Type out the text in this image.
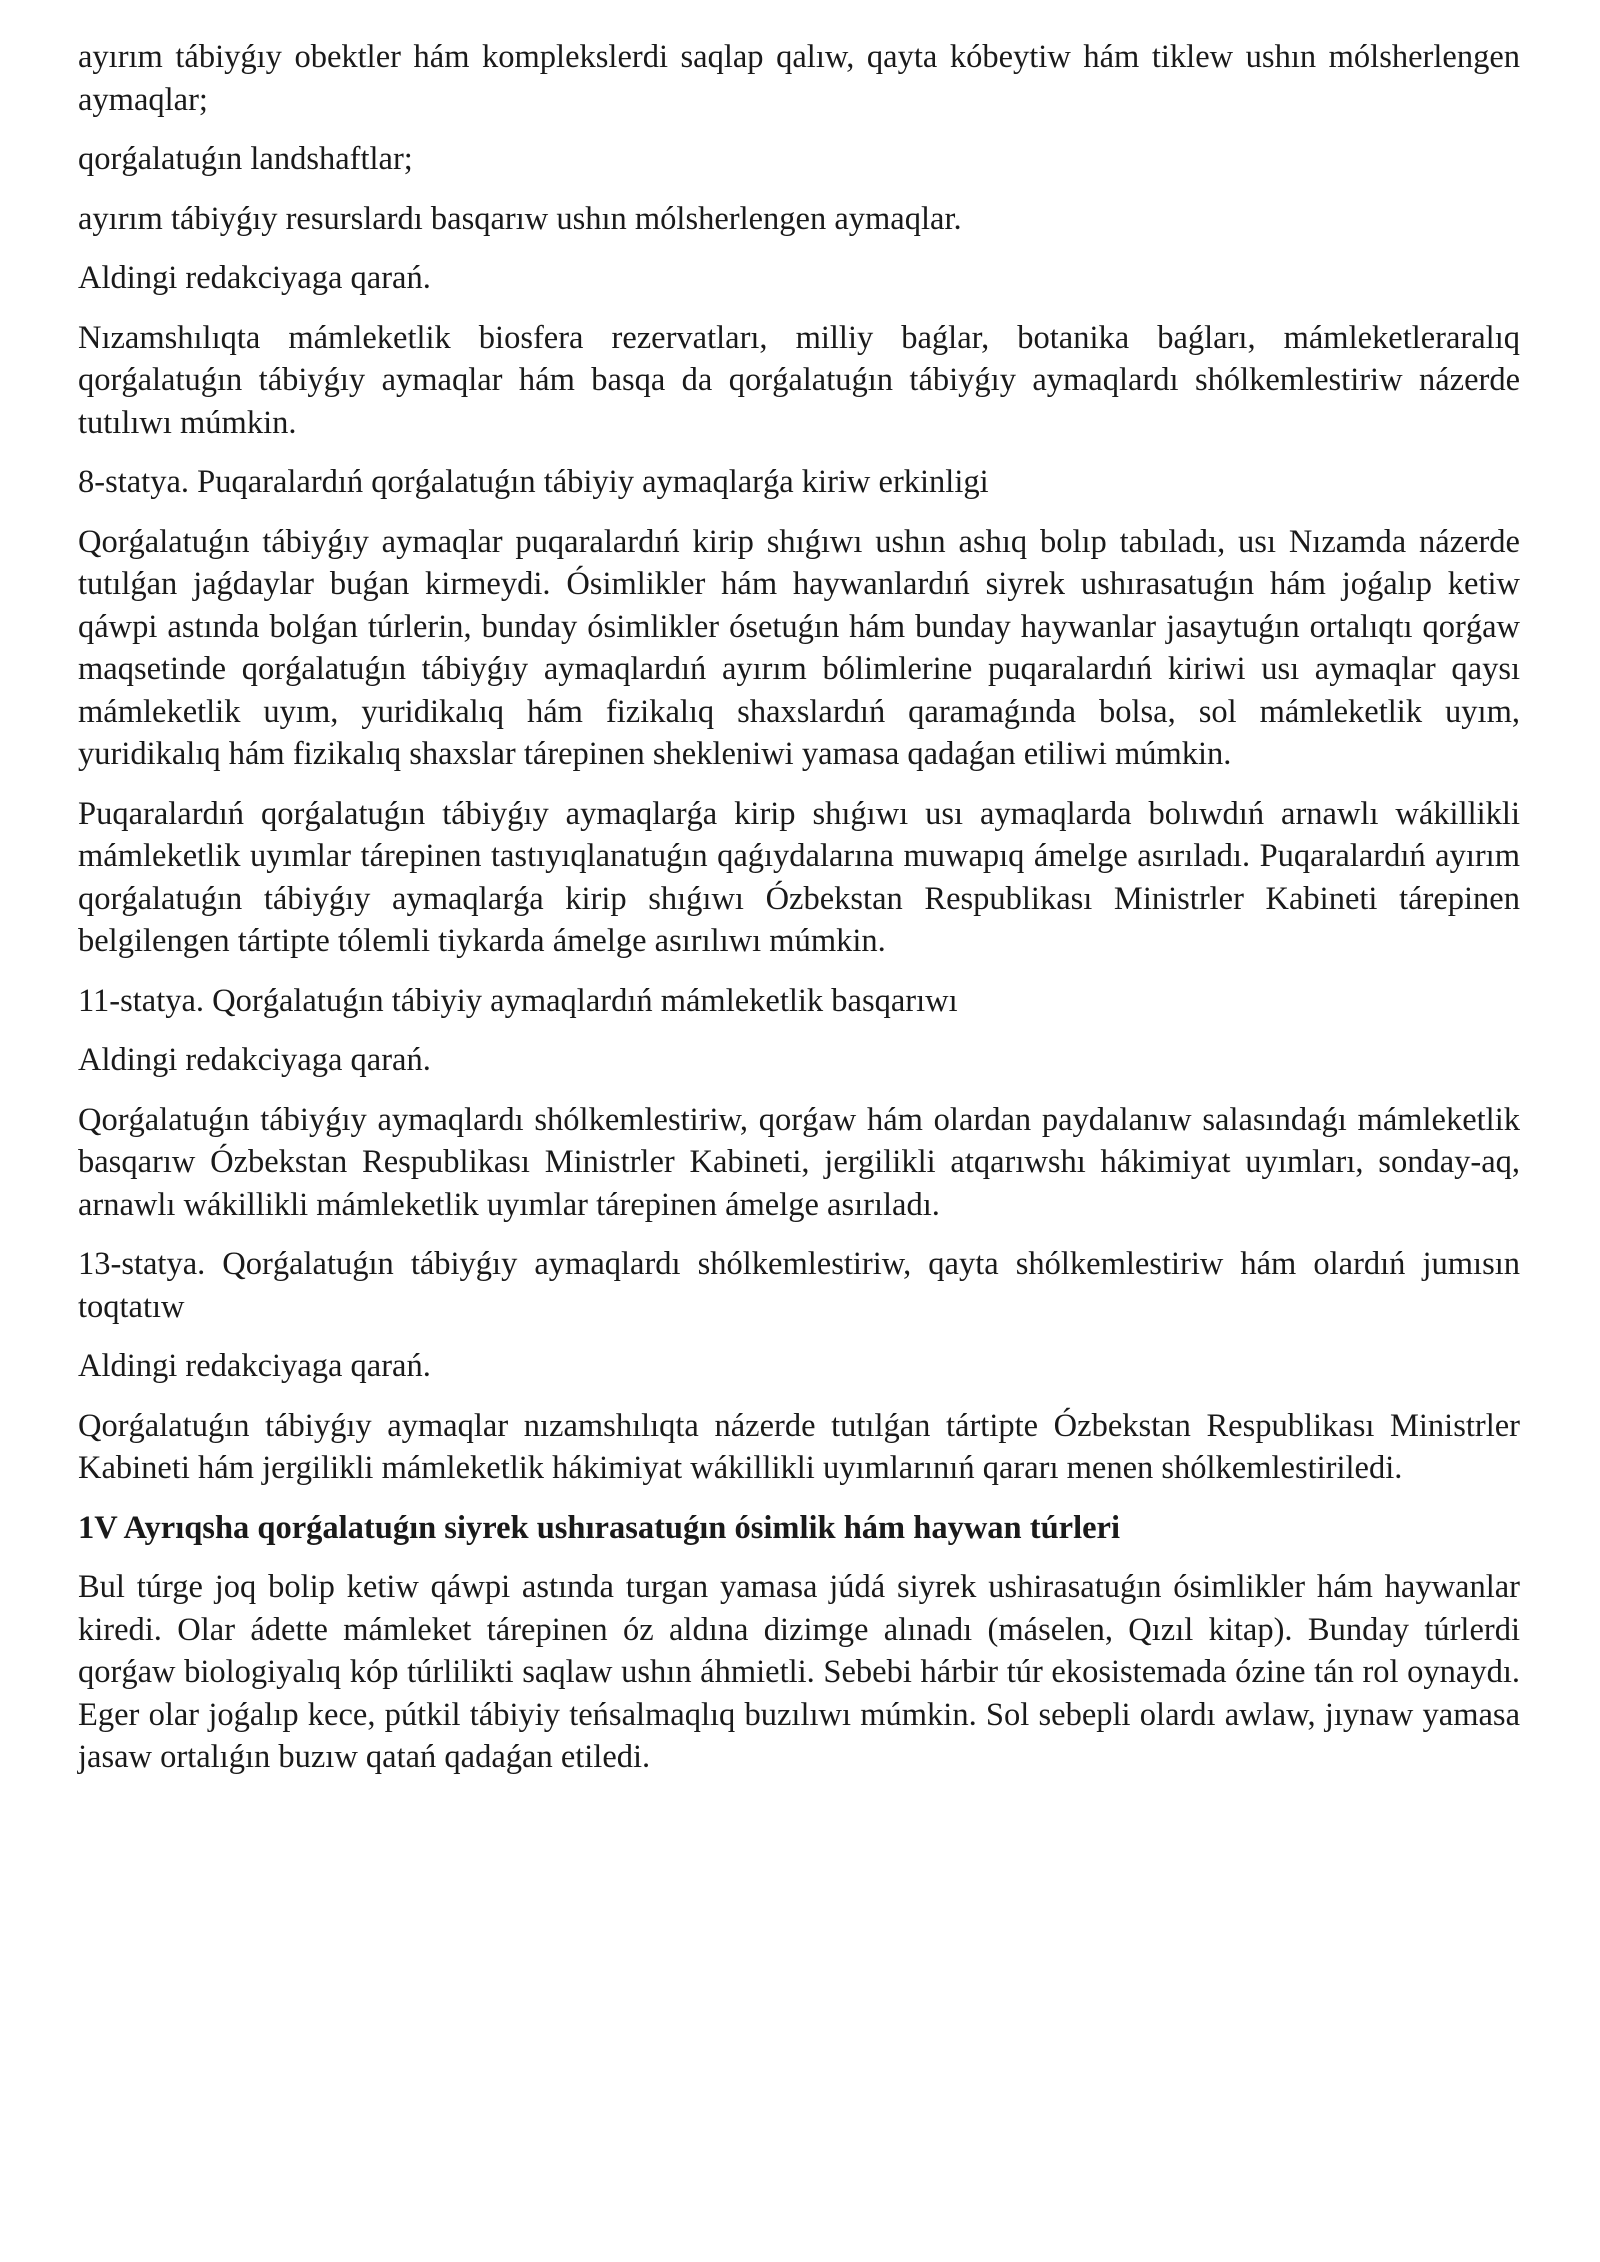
ayırım tábiyǵıy obektler hám komplekslerdi saqlap qalıw, qayta kóbeytiw hám tiklew ushın mólsherlengen aymaqlar;

qorǵalatuǵın landshaftlar;

ayırım tábiyǵıy resurslardı basqarıw ushın mólsherlengen aymaqlar.

Aldingi redakciyaga qarań.

Nızamshılıqta mámleketlik biosfera rezervatları, milliy baǵlar, botanika baǵları, mámleketleraralıq qorǵalatuǵın tábiyǵıy aymaqlar hám basqa da qorǵalatuǵın tábiyǵıy aymaqlardı shólkemlestiriw názerde tutılıwı múmkin.

8-statya. Puqaralardıń qorǵalatuǵın tábiyiy aymaqlarǵa kiriw erkinligi

Qorǵalatuǵın tábiyǵıy aymaqlar puqaralardıń kirip shıǵıwı ushın ashıq bolıp tabıladı, usı Nızamda názerde tutılǵan jaǵdaylar buǵan kirmeydi. Ósimlikler hám haywanlardıń siyrek ushırasatuǵın hám joǵalıp ketiw qáwpi astında bolǵan túrlerin, bunday ósimlikler ósetuǵın hám bunday haywanlar jasaytuǵın ortalıqtı qorǵaw maqsetinde qorǵalatuǵın tábiyǵıy aymaqlardıń ayırım bólimlerine puqaralardıń kiriwi usı aymaqlar qaysı mámleketlik uyım, yuridikalıq hám fizikalıq shaxslardıń qaramaǵında bolsa, sol mámleketlik uyım, yuridikalıq hám fizikalıq shaxslar tárepinen shekleniwi yamasa qadaǵan etiliwi múmkin.

Puqaralardıń qorǵalatuǵın tábiyǵıy aymaqlarǵa kirip shıǵıwı usı aymaqlarda bolıwdıń arnawlı wákillikli mámleketlik uyımlar tárepinen tastıyıqlanatuǵın qaǵıydalarına muwapıq ámelge asırıladı. Puqaralardıń ayırım qorǵalatuǵın tábiyǵıy aymaqlarǵa kirip shıǵıwı Ózbekstan Respublikası Ministrler Kabineti tárepinen belgilengen tártipte tólemli tiykarda ámelge asırılıwı múmkin.

11-statya. Qorǵalatuǵın tábiyiy aymaqlardıń mámleketlik basqarıwı

Aldingi redakciyaga qarań.

Qorǵalatuǵın tábiyǵıy aymaqlardı shólkemlestiriw, qorǵaw hám olardan paydalanıw salasındaǵı mámleketlik basqarıw Ózbekstan Respublikası Ministrler Kabineti, jergilikli atqarıwshı hákimiyat uyımları, sonday-aq, arnawlı wákillikli mámleketlik uyımlar tárepinen ámelge asırıladı.

13-statya. Qorǵalatuǵın tábiyǵıy aymaqlardı shólkemlestiriw, qayta shólkemlestiriw hám olardıń jumısın toqtatıw

Aldingi redakciyaga qarań.

Qorǵalatuǵın tábiyǵıy aymaqlar nızamshılıqta názerde tutılǵan tártipte Ózbekstan Respublikası Ministrler Kabineti hám jergilikli mámleketlik hákimiyat wákillikli uyımlarınıń qararı menen shólkemlestiriledi.

1V Ayrıqsha qorǵalatuǵın siyrek ushırasatuǵın ósimlik hám haywan túrleri

Bul túrge joq bolip ketiw qáwpi astında turgan yamasa júdá siyrek ushirasatuǵın ósimlikler hám haywanlar kiredi. Olar ádette mámleket tárepinen óz aldına dizimge alınadı (máselen, Qızıl kitap). Bunday túrlerdi qorǵaw biologiyalıq kóp túrlilikti saqlaw ushın áhmietli. Sebebi hárbir túr ekosistemada ózine tán rol oynaydı. Eger olar joǵalıp kece, pútkil tábiyiy teńsalmaqlıq buzılıwı múmkin. Sol sebepli olardı awlaw, jıynaw yamasa jasaw ortalıǵın buzıw qatań qadaǵan etiledi.
